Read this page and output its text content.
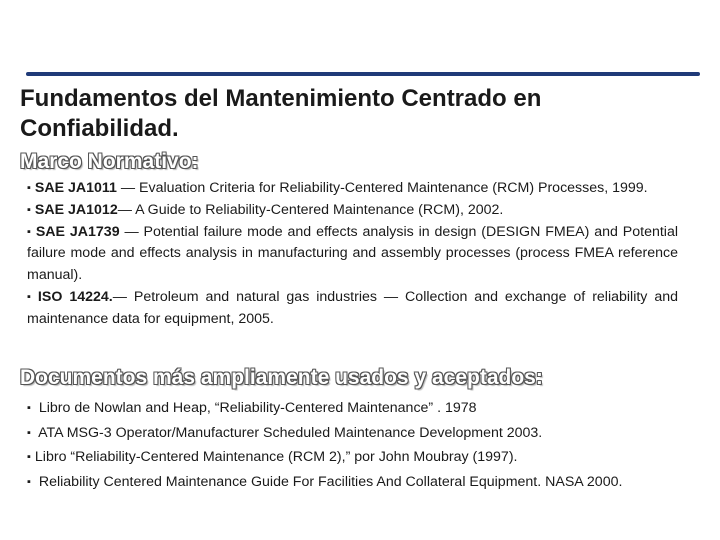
Fundamentos del Mantenimiento Centrado en
Confiabilidad.
Marco Normativo:

▪ SAE JA1011 — Evaluation Criteria for Reliability-Centered Maintenance (RCM) Processes, 1999.

▪ SAE JA1012— A Guide to Reliability-Centered Maintenance (RCM), 2002.

▪ SAE JA1739 — Potential failure mode and effects analysis in design (DESIGN FMEA) and Potential failure mode and effects analysis in manufacturing and assembly processes (process FMEA reference manual).

▪ ISO 14224.— Petroleum and natural gas industries — Collection and exchange of reliability and maintenance data for equipment, 2005.

Documentos más ampliamente usados y aceptados:

▪ Libro de Nowlan and Heap, “Reliability-Centered Maintenance” . 1978

▪ ATA MSG-3 Operator/Manufacturer Scheduled Maintenance Development 2003.

▪ Libro “Reliability-Centered Maintenance (RCM 2),” por John Moubray (1997).

▪ Reliability Centered Maintenance Guide For Facilities And Collateral Equipment. NASA 2000.
